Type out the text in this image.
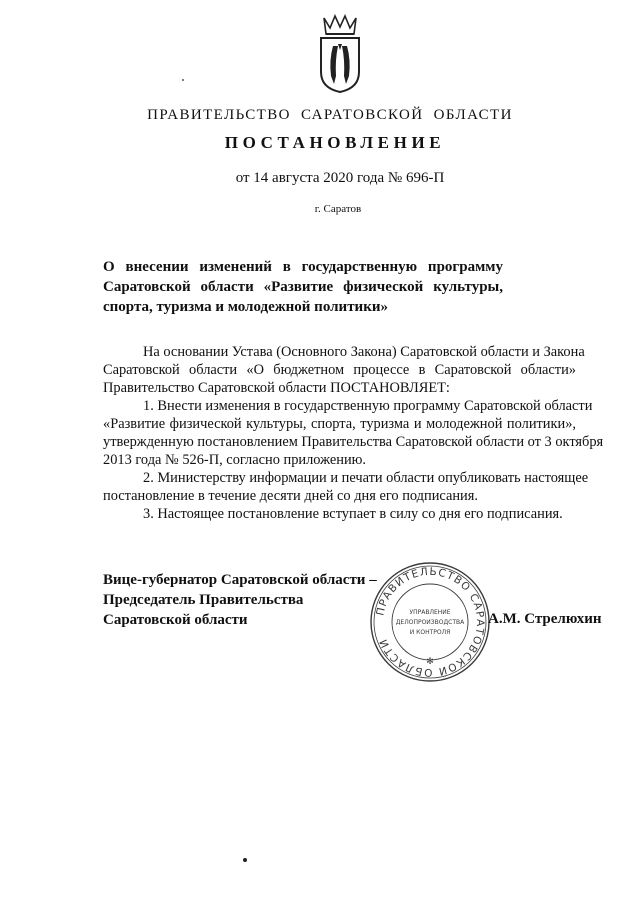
ПРАВИТЕЛЬСТВО САРАТОВСКОЙ ОБЛАСТИ
ПОСТАНОВЛЕНИЕ
от 14 августа 2020 года № 696-П
г. Саратов
О внесении изменений в государственную программу
Саратовской области «Развитие физической культуры,
спорта, туризма и молодежной политики»
На основании Устава (Основного Закона) Саратовской области и Закона
Саратовской области «О бюджетном процессе в Саратовской области»
Правительство Саратовской области ПОСТАНОВЛЯЕТ:
1. Внести изменения в государственную программу Саратовской области
«Развитие физической культуры, спорта, туризма и молодежной политики»,
утвержденную постановлением Правительства Саратовской области от 3 октября
2013 года № 526-П, согласно приложению.
2. Министерству информации и печати области опубликовать настоящее
постановление в течение десяти дней со дня его подписания.
3. Настоящее постановление вступает в силу со дня его подписания.
Вице-губернатор Саратовской области –
Председатель Правительства
Саратовской области
ПРАВИТЕЛЬСТВО САРАТОВСКОЙ ОБЛАСТИ
УПРАВЛЕНИЕ
ДЕЛОПРОИЗВОДСТВА
И КОНТРОЛЯ
✻
А.М. Стрелюхин
